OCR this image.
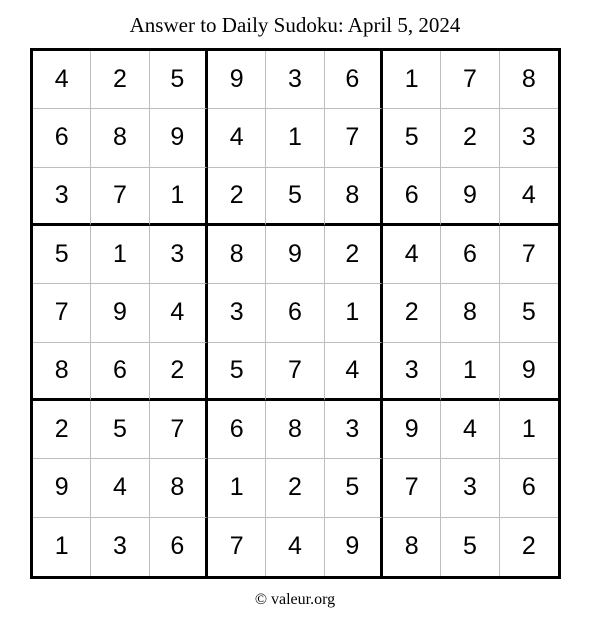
Answer to Daily Sudoku: April 5, 2024
4	2	5	9	3	6	1	7	8
6	8	9	4	1	7	5	2	3
3	7	1	2	5	8	6	9	4
5	1	3	8	9	2	4	6	7
7	9	4	3	6	1	2	8	5
8	6	2	5	7	4	3	1	9
2	5	7	6	8	3	9	4	1
9	4	8	1	2	5	7	3	6
1	3	6	7	4	9	8	5	2
© valeur.org
